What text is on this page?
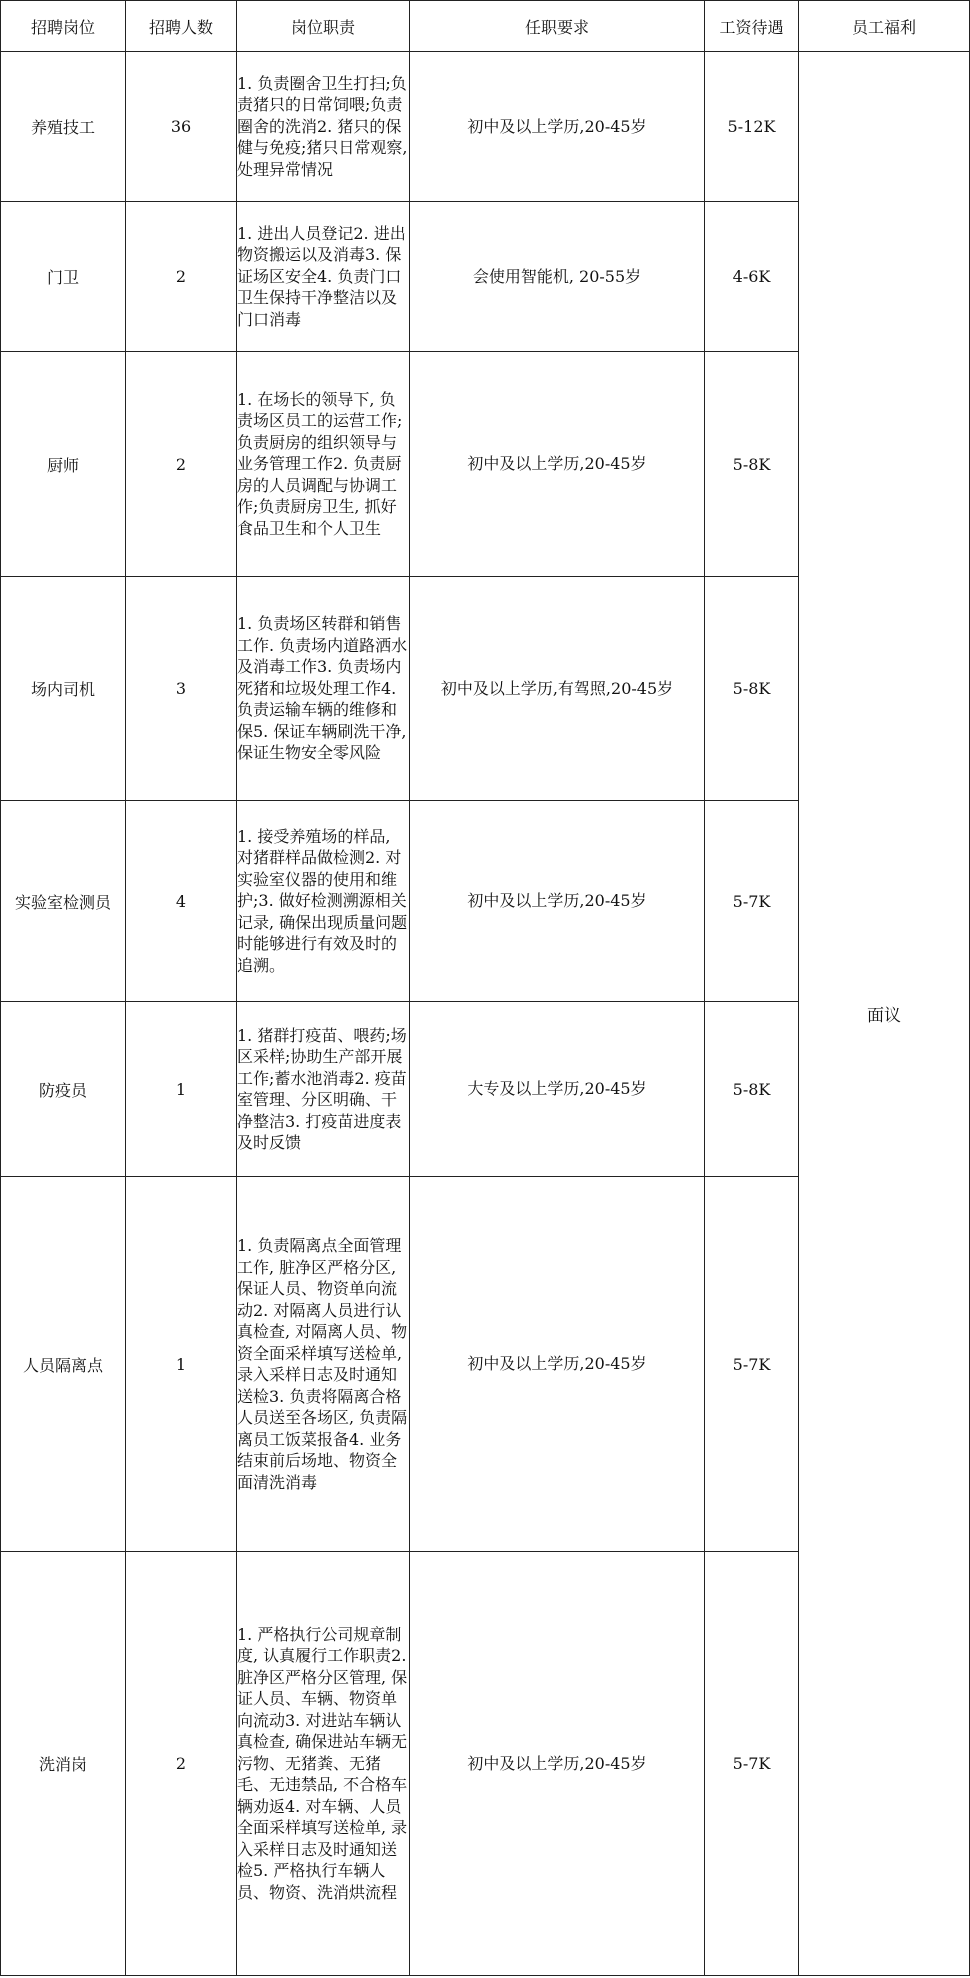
招聘岗位	招聘人数	岗位职责	任职要求	工资待遇	员工福利
养殖技工	36	1. 负责圈舍卫生打扫;负责猪只的日常饲喂;负责圈舍的洗消2. 猪只的保健与免疫;猪只日常观察,处理异常情况	初中及以上学历,20-45岁	5-12K	面议
门卫	2	1. 进出人员登记2. 进出物资搬运以及消毒3. 保证场区安全4. 负责门口卫生保持干净整洁以及门口消毒	会使用智能机, 20-55岁	4-6K	
厨师	2	1. 在场长的领导下, 负责场区员工的运营工作;负责厨房的组织领导与业务管理工作2. 负责厨房的人员调配与协调工作;负责厨房卫生, 抓好食品卫生和个人卫生	初中及以上学历,20-45岁	5-8K	
场内司机	3	1. 负责场区转群和销售工作. 负责场内道路洒水及消毒工作3. 负责场内死猪和垃圾处理工作4. 负责运输车辆的维修和保5. 保证车辆刷洗干净,保证生物安全零风险	初中及以上学历,有驾照,20-45岁	5-8K	
实验室检测员	4	1. 接受养殖场的样品, 对猪群样品做检测2. 对实验室仪器的使用和维护;3. 做好检测溯源相关记录, 确保出现质量问题时能够进行有效及时的追溯。	初中及以上学历,20-45岁	5-7K	
防疫员	1	1. 猪群打疫苗、喂药;场区采样;协助生产部开展工作;蓄水池消毒2. 疫苗室管理、分区明确、干净整洁3. 打疫苗进度表及时反馈	大专及以上学历,20-45岁	5-8K	
人员隔离点	1	1. 负责隔离点全面管理工作, 脏净区严格分区, 保证人员、物资单向流动2. 对隔离人员进行认真检查, 对隔离人员、物资全面采样填写送检单, 录入采样日志及时通知送检3. 负责将隔离合格人员送至各场区, 负责隔离员工饭菜报备4. 业务结束前后场地、物资全面清洗消毒	初中及以上学历,20-45岁	5-7K	
洗消岗	2	1. 严格执行公司规章制度, 认真履行工作职责2. 脏净区严格分区管理, 保证人员、车辆、物资单向流动3. 对进站车辆认真检查, 确保进站车辆无污物、无猪粪、无猪毛、无违禁品, 不合格车辆劝返4. 对车辆、人员全面采样填写送检单, 录入采样日志及时通知送检5. 严格执行车辆人员、物资、洗消烘流程	初中及以上学历,20-45岁	5-7K	
